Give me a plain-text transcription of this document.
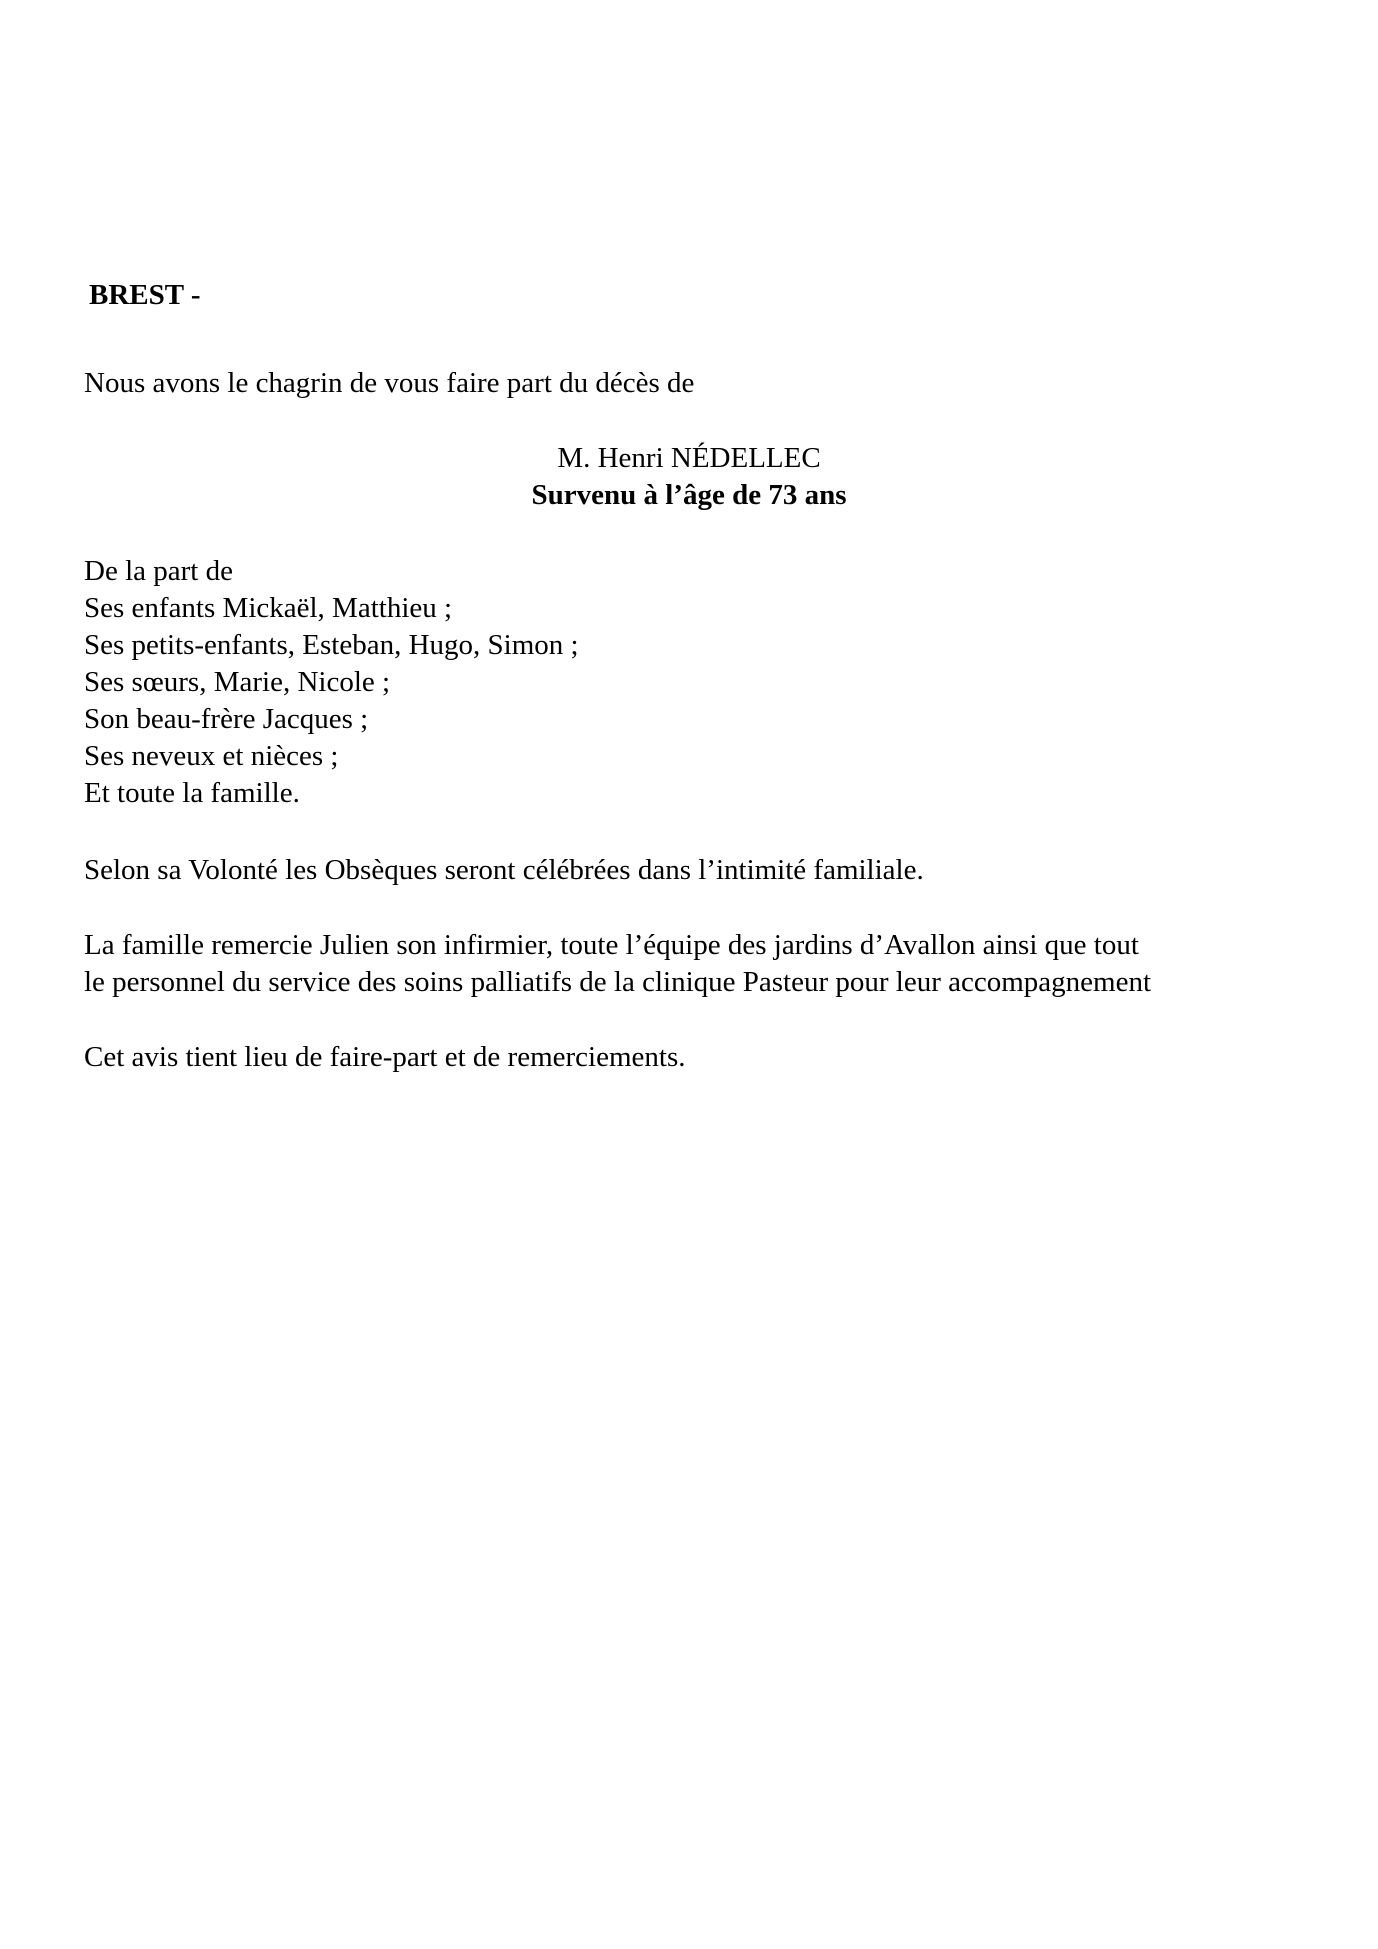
BREST -
Nous avons le chagrin de vous faire part du décès de
M. Henri NÉDELLEC
Survenu à l’âge de 73 ans
De la part de
Ses enfants Mickaël, Matthieu ;
Ses petits-enfants, Esteban, Hugo, Simon ;
Ses sœurs, Marie, Nicole ;
Son beau-frère Jacques ;
Ses neveux et nièces ;
Et toute la famille.
Selon sa Volonté les Obsèques seront célébrées dans l’intimité familiale.
La famille remercie Julien son infirmier, toute l’équipe des jardins d’Avallon ainsi que tout
le personnel du service des soins palliatifs de la clinique Pasteur pour leur accompagnement
Cet avis tient lieu de faire-part et de remerciements.
